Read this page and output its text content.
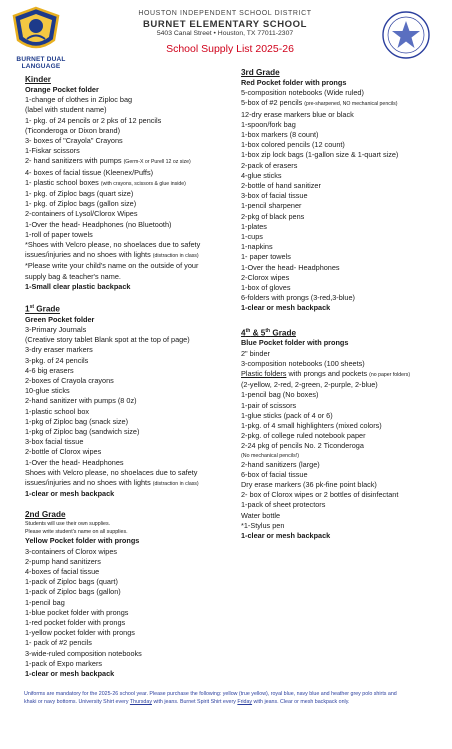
BURNET DUAL LANGUAGE
HOUSTON INDEPENDENT SCHOOL DISTRICT
BURNET ELEMENTARY SCHOOL
5403 Canal Street • Houston, TX 77011-2307
School Supply List 2025-26
Kinder
Orange Pocket folder
1-change of clothes in Ziploc bag
(label with student name)
1- pkg. of 24 pencils or 2 pks of 12 pencils
(Ticonderoga or Dixon brand)
3- boxes of "Crayola" Crayons
1-Fiskar scissors
2- hand sanitizers with pumps (Germ-X or Purell 12 oz size)
4- boxes of facial tissue (Kleenex/Puffs)
1- plastic school boxes (with crayons, scissors & glue inside)
1- pkg. of Ziploc bags (quart size)
1- pkg. of Ziploc bags (gallon size)
2-containers of Lysol/Clorox Wipes
1-Over the head- Headphones (no Bluetooth)
1-roll of paper towels
*Shoes with Velcro please, no shoelaces due to safety
issues/injuries and no shoes with lights (distraction in class)
*Please write your child's name on the outside of your
supply bag & teacher's name.
1-Small clear plastic backpack
1st Grade
Green Pocket folder
3-Primary Journals
(Creative story tablet Blank spot at the top of page)
3-dry eraser markers
3-pkg. of 24 pencils
4-6 big erasers
2-boxes of Crayola crayons
10-glue sticks
2-hand sanitizer with pumps (8 0z)
1-plastic school box
1-pkg of Ziploc bag (snack size)
1-pkg of Ziploc bag (sandwich size)
3-box facial tissue
2-bottle of Clorox wipes
1-Over the head- Headphones
Shoes with Velcro please, no shoelaces due to safety
issues/injuries and no shoes with lights (distraction in class)
1-clear or mesh backpack
2nd Grade
Students will use their own supplies.
Please write student's name on all supplies.
Yellow Pocket folder with prongs
3-containers of Clorox wipes
2-pump hand sanitizers
4-boxes of facial tissue
1-pack of Ziploc bags (quart)
1-pack of Ziploc bags (gallon)
1-pencil bag
1-blue pocket folder with prongs
1-red pocket folder with prongs
1-yellow pocket folder with prongs
1- pack of #2 pencils
3-wide-ruled composition notebooks
1-pack of Expo markers
1-clear or mesh backpack
3rd Grade
Red Pocket folder with prongs
5-composition notebooks (Wide ruled)
5-box of #2 pencils (pre-sharpened, NO mechanical pencils)
12-dry erase markers blue or black
1-spoon/fork bag
1-box markers (8 count)
1-box colored pencils (12 count)
1-box zip lock bags (1-gallon size & 1-quart size)
2-pack of erasers
4-glue sticks
2-bottle of hand sanitizer
3-box of facial tissue
1-pencil sharpener
2-pkg of black pens
1-plates
1-cups
1-napkins
1- paper towels
1-Over the head- Headphones
2-Clorox wipes
1-box of gloves
6-folders with prongs (3-red,3-blue)
1-clear or mesh backpack
4th & 5th Grade
Blue Pocket folder with prongs
2" binder
3-composition notebooks (100 sheets)
Plastic folders with prongs and pockets (no paper folders)
(2-yellow, 2-red, 2-green, 2-purple, 2-blue)
1-pencil bag (No boxes)
1-pair of scissors
1-glue sticks (pack of 4 or 6)
1-pkg. of 4 small highlighters (mixed colors)
2-pkg. of college ruled notebook paper
2-24 pkg of pencils No. 2 Ticonderoga
(No mechanical pencils!)
2-hand sanitizers (large)
6-box of facial tissue
Dry erase markers (36 pk-fine point black)
2- box of Clorox wipes or 2 bottles of disinfectant
1-pack of sheet protectors
Water bottle
*1-Stylus pen
1-clear or mesh backpack
Uniforms are mandatory for the 2025-26 school year. Please purchase the following: yellow (true yellow), royal blue, navy blue and heather grey polo shirts and
khaki or navy bottoms. University Shirt every Thursday with jeans. Burnet Spirit Shirt every Friday with jeans. Clear or mesh backpack only.
